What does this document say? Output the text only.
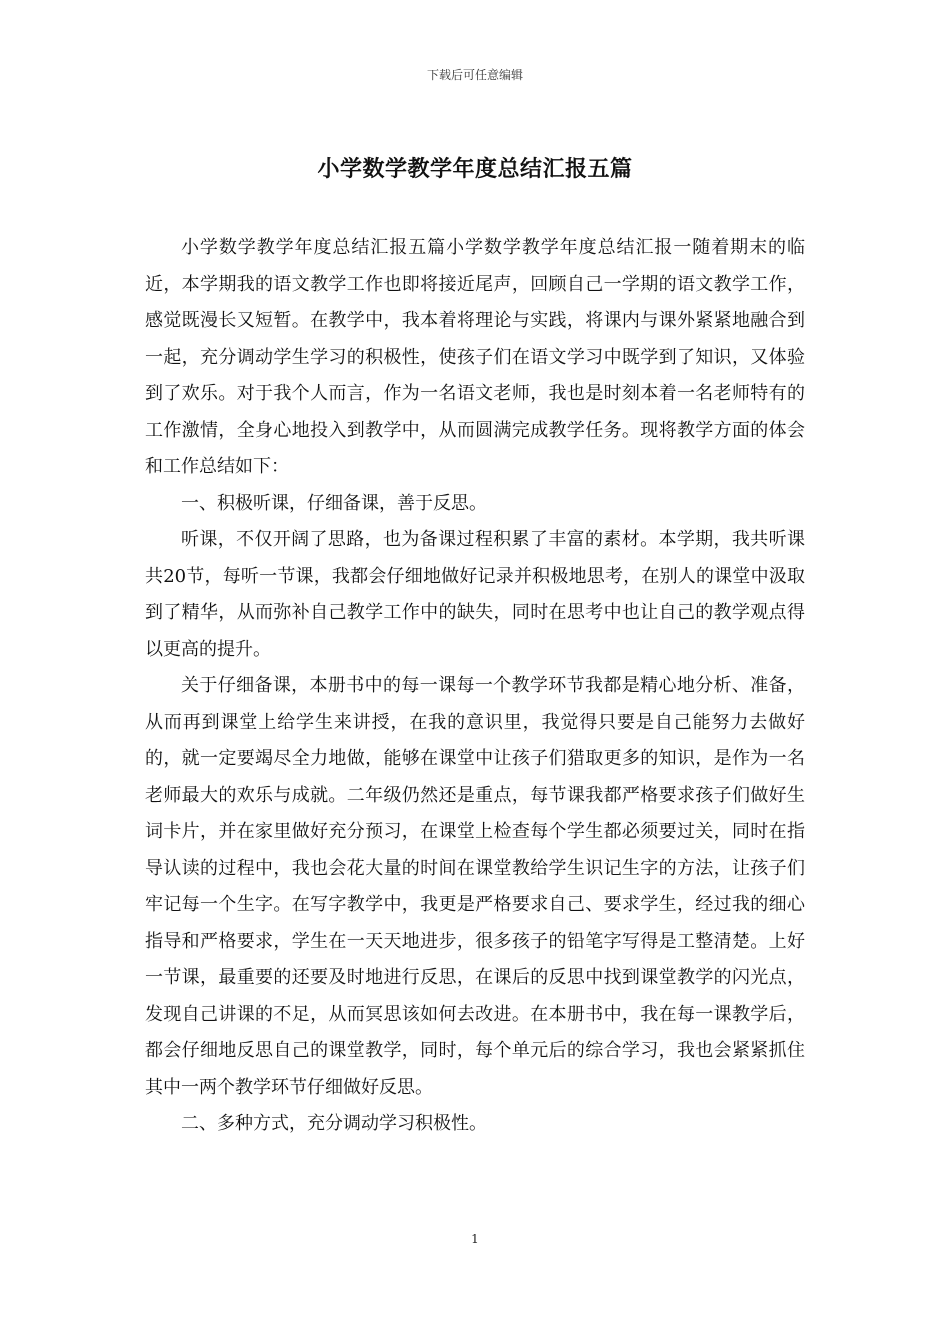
下载后可任意编辑
小学数学教学年度总结汇报五篇

小学数学教学年度总结汇报五篇小学数学教学年度总结汇报一随着期末的临近，本学期我的语文教学工作也即将接近尾声，回顾自己一学期的语文教学工作，感觉既漫长又短暂。在教学中，我本着将理论与实践，将课内与课外紧紧地融合到一起，充分调动学生学习的积极性，使孩子们在语文学习中既学到了知识，又体验到了欢乐。对于我个人而言，作为一名语文老师，我也是时刻本着一名老师特有的工作激情，全身心地投入到教学中，从而圆满完成教学任务。现将教学方面的体会和工作总结如下：

一、积极听课，仔细备课，善于反思。

听课，不仅开阔了思路，也为备课过程积累了丰富的素材。本学期，我共听课共20节，每听一节课，我都会仔细地做好记录并积极地思考，在别人的课堂中汲取到了精华，从而弥补自己教学工作中的缺失，同时在思考中也让自己的教学观点得以更高的提升。

关于仔细备课，本册书中的每一课每一个教学环节我都是精心地分析、准备，从而再到课堂上给学生来讲授，在我的意识里，我觉得只要是自己能努力去做好的，就一定要竭尽全力地做，能够在课堂中让孩子们猎取更多的知识，是作为一名老师最大的欢乐与成就。二年级仍然还是重点，每节课我都严格要求孩子们做好生词卡片，并在家里做好充分预习，在课堂上检查每个学生都必须要过关，同时在指导认读的过程中，我也会花大量的时间在课堂教给学生识记生字的方法，让孩子们牢记每一个生字。在写字教学中，我更是严格要求自己、要求学生，经过我的细心指导和严格要求，学生在一天天地进步，很多孩子的铅笔字写得是工整清楚。上好一节课，最重要的还要及时地进行反思，在课后的反思中找到课堂教学的闪光点，发现自己讲课的不足，从而冥思该如何去改进。在本册书中，我在每一课教学后，都会仔细地反思自己的课堂教学，同时，每个单元后的综合学习，我也会紧紧抓住其中一两个教学环节仔细做好反思。

二、多种方式，充分调动学习积极性。

1
